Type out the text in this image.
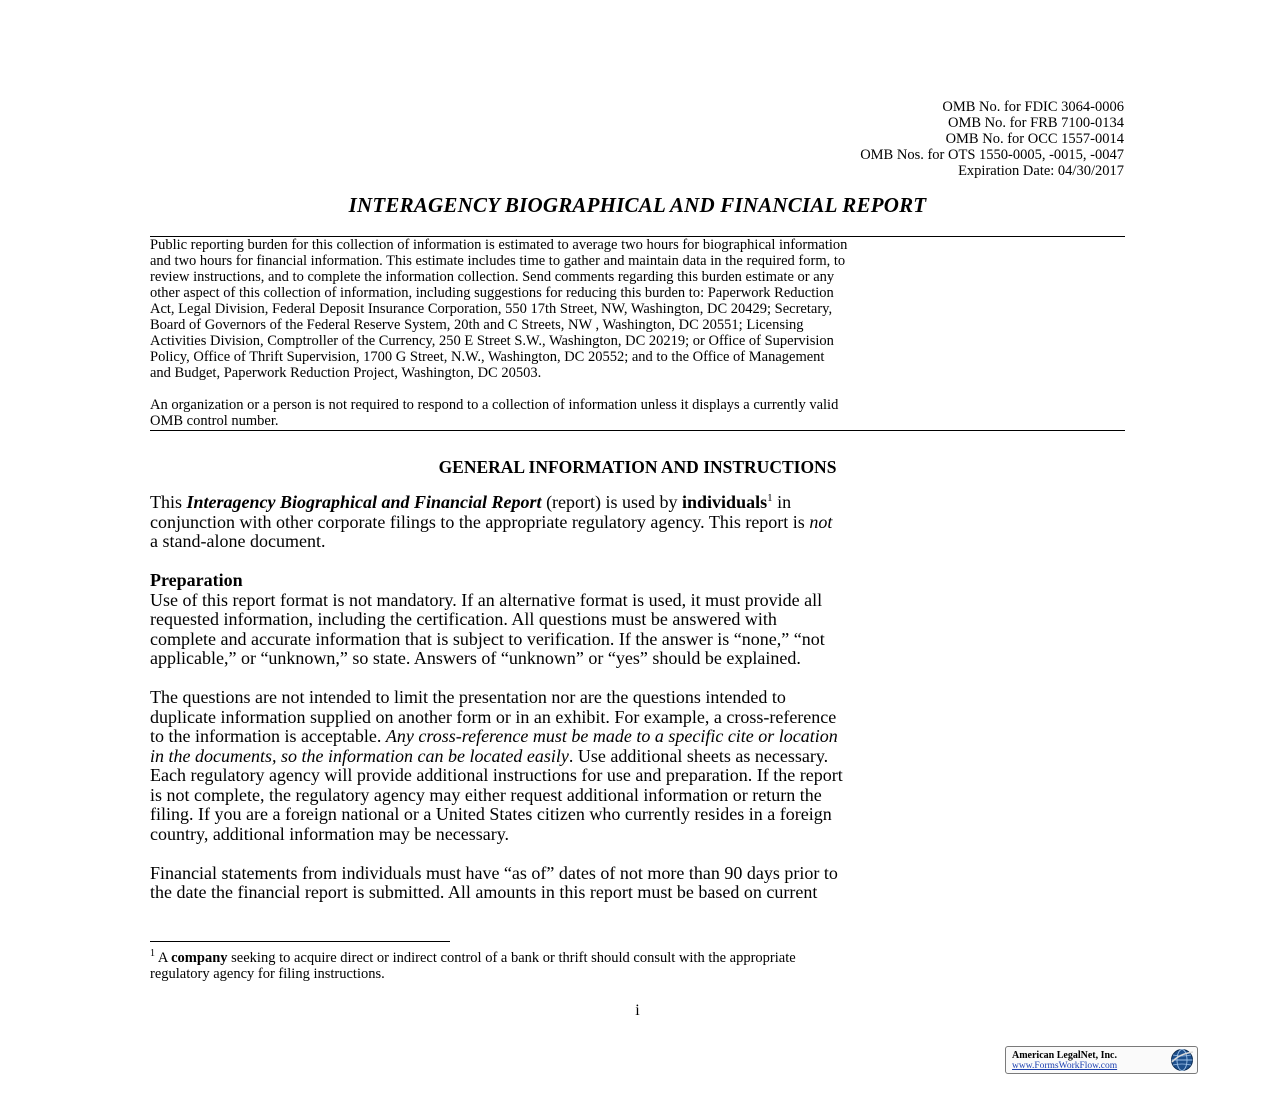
OMB No. for FDIC 3064-0006
OMB No. for FRB 7100-0134
OMB No. for OCC 1557-0014
OMB Nos. for OTS 1550-0005, -0015, -0047
Expiration Date: 04/30/2017
INTERAGENCY BIOGRAPHICAL AND FINANCIAL REPORT
Public reporting burden for this collection of information is estimated to average two hours for biographical information
and two hours for financial information. This estimate includes time to gather and maintain data in the required form, to
review instructions, and to complete the information collection. Send comments regarding this burden estimate or any
other aspect of this collection of information, including suggestions for reducing this burden to: Paperwork Reduction
Act, Legal Division, Federal Deposit Insurance Corporation, 550 17th Street, NW, Washington, DC 20429; Secretary,
Board of Governors of the Federal Reserve System, 20th and C Streets, NW , Washington, DC 20551; Licensing
Activities Division, Comptroller of the Currency, 250 E Street S.W., Washington, DC 20219; or Office of Supervision
Policy, Office of Thrift Supervision, 1700 G Street, N.W., Washington, DC 20552; and to the Office of Management
and Budget, Paperwork Reduction Project, Washington, DC 20503.
An organization or a person is not required to respond to a collection of information unless it displays a currently valid
OMB control number.
GENERAL INFORMATION AND INSTRUCTIONS
This Interagency Biographical and Financial Report (report) is used by individuals$^1$ in
conjunction with other corporate filings to the appropriate regulatory agency. This report is not
a stand-alone document.
Preparation
Use of this report format is not mandatory. If an alternative format is used, it must provide all
requested information, including the certification. All questions must be answered with
complete and accurate information that is subject to verification. If the answer is “none,” “not
applicable,” or “unknown,” so state. Answers of “unknown” or “yes” should be explained.
The questions are not intended to limit the presentation nor are the questions intended to
duplicate information supplied on another form or in an exhibit. For example, a cross-reference
to the information is acceptable. Any cross-reference must be made to a specific cite or location
in the documents, so the information can be located easily. Use additional sheets as necessary.
Each regulatory agency will provide additional instructions for use and preparation. If the report
is not complete, the regulatory agency may either request additional information or return the
filing. If you are a foreign national or a United States citizen who currently resides in a foreign
country, additional information may be necessary.
Financial statements from individuals must have “as of” dates of not more than 90 days prior to
the date the financial report is submitted. All amounts in this report must be based on current
$^1$ A company seeking to acquire direct or indirect control of a bank or thrift should consult with the appropriate
regulatory agency for filing instructions.
i
American LegalNet, Inc.
www.FormsWorkFlow.com
